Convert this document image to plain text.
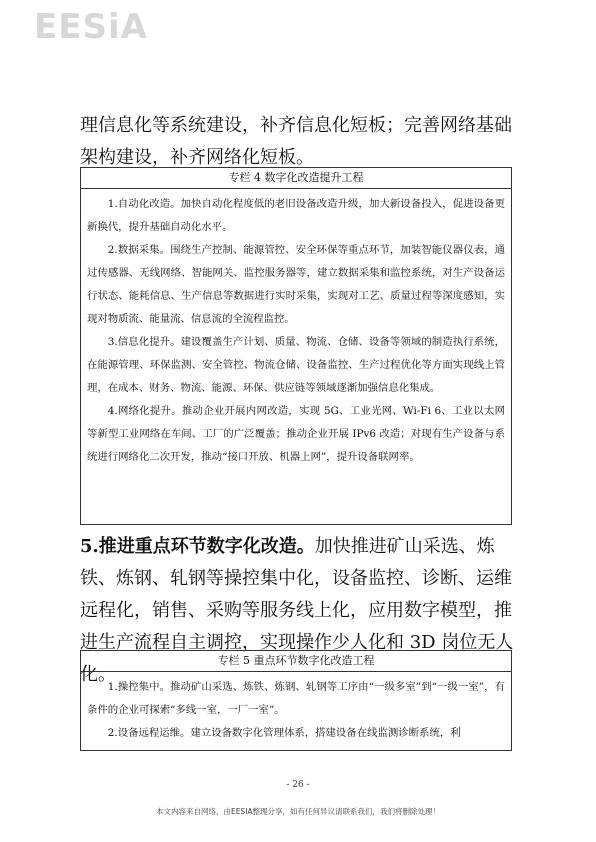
EESiA

理信息化等系统建设，补齐信息化短板；完善网络基础架构建设，补齐网络化短板。

专栏 4 数字化改造提升工程

1.自动化改造。加快自动化程度低的老旧设备改造升级，加大新设备投入，促进设备更新换代，提升基础自动化水平。

2.数据采集。围绕生产控制、能源管控、安全环保等重点环节，加装智能仪器仪表，通过传感器、无线网络、智能网关、监控服务器等，建立数据采集和监控系统，对生产设备运行状态、能耗信息、生产信息等数据进行实时采集，实现对工艺、质量过程等深度感知，实现对物质流、能量流、信息流的全流程监控。

3.信息化提升。建设覆盖生产计划、质量、物流、仓储、设备等领域的制造执行系统，在能源管理、环保监测、安全管控、物流仓储、设备监控、生产过程优化等方面实现线上管理，在成本、财务、物流、能源、环保、供应链等领域逐渐加强信息化集成。

4.网络化提升。推动企业开展内网改造，实现 5G、工业光网、Wi-Fi 6、工业以太网等新型工业网络在车间、工厂的广泛覆盖；推动企业开展 IPv6 改造；对现有生产设备与系统进行网络化二次开发，推动“接口开放、机器上网”，提升设备联网率。

5.推进重点环节数字化改造。加快推进矿山采选、炼铁、炼钢、轧钢等操控集中化，设备监控、诊断、运维远程化，销售、采购等服务线上化，应用数字模型，推进生产流程自主调控，实现操作少人化和 3D 岗位无人化。

专栏 5 重点环节数字化改造工程

1.操控集中。推动矿山采选、炼铁、炼钢、轧钢等工序由“一级多室”到“一级一室”，有条件的企业可探索“多线一室，一厂一室”。

2.设备远程运维。建立设备数字化管理体系，搭建设备在线监测诊断系统，利

- 26 -
本文内容来自网络，由EESIA整理分享，如有任何异议请联系我们，我们将删除处理！
